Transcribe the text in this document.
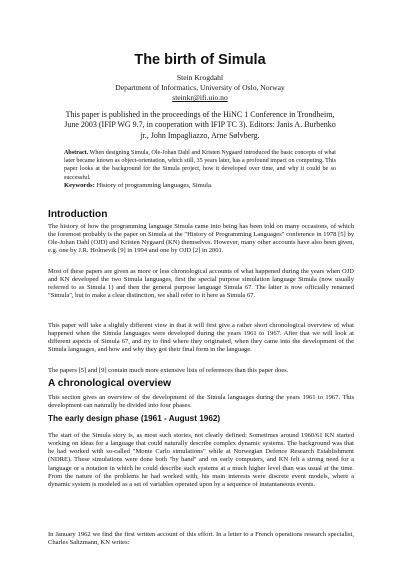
The birth of Simula
Stein Krogdahl
Department of Informatics, University of Oslo, Norway
steinkr@ifi.uio.no
This paper is published in the proceedings of the HiNC 1 Conference in Trondheim, June 2003 (IFIP WG 9.7, in cooperation with IFIP TC 3). Editors: Janis A. Burbenko jr., John Impagliazzo, Arne Sølvberg.
Abstract. When designing Simula, Ole-Johan Dahl and Kristen Nygaard introduced the basic concepts of what later became known as object-orientation, which still, 35 years later, has a profound impact on computing. This paper looks at the background for the Simula project, how it developed over time, and why it could be so successful.
Keywords: History of programming languages, Simula.
Introduction
The history of how the programming language Simula came into being has been told on many occasions, of which the foremost probably is the paper on Simula at the "History of Programming Languages" conference in 1978 [5] by Ole-Johan Dahl (OJD) and Kristen Nygaard (KN) themselves. However, many other accounts have also been given, e.g. one by J.R. Holmevik [9] in 1994 and one by OJD [2] in 2001.
Most of these papers are given as more or less chronological accounts of what happened during the years when OJD and KN developed the two Simula languages, first the special purpose simulation language Simula (now usually referred to as Simula 1) and then the general purpose language Simula 67. The latter is now officially renamed "Simula", but to make a clear distinction, we shall refer to it here as Simula 67.
This paper will take a slightly different view in that it will first give a rather short chronological overview of what happened when the Simula languages were developed during the years 1961 to 1967. After that we will look at different aspects of Simula 67, and try to find where they originated, when they came into the development of the Simula languages, and how and why they got their final form in the language.
The papers [5] and [9] contain much more extensive lists of references than this paper does.
A chronological overview
This section gives an overview of the development of the Simula languages during the years 1961 to 1967. This development can naturally be divided into four phases.
The early design phase (1961 - August 1962)
The start of the Simula story is, as most such stories, not clearly defined: Sometimes around 1960/61 KN started working on ideas for a language that could naturally describe complex dynamic systems. The background was that he had worked with so-called "Monte Carlo simulations" while at Norwegian Defence Research Establishment (NDRE). These simulations were done both "by hand" and on early computers, and KN felt a strong need for a language or a notation in which he could describe such systems at a much higher level than was usual at the time. From the nature of the problems he had worked with, his main interests were discrete event models, where a dynamic system is modeled as a set of variables operated upon by a sequence of instantaneous events.
In January 1962 we find the first written account of this effort. In a letter to a French operations research specialist, Charles Saltzmann, KN writes:
